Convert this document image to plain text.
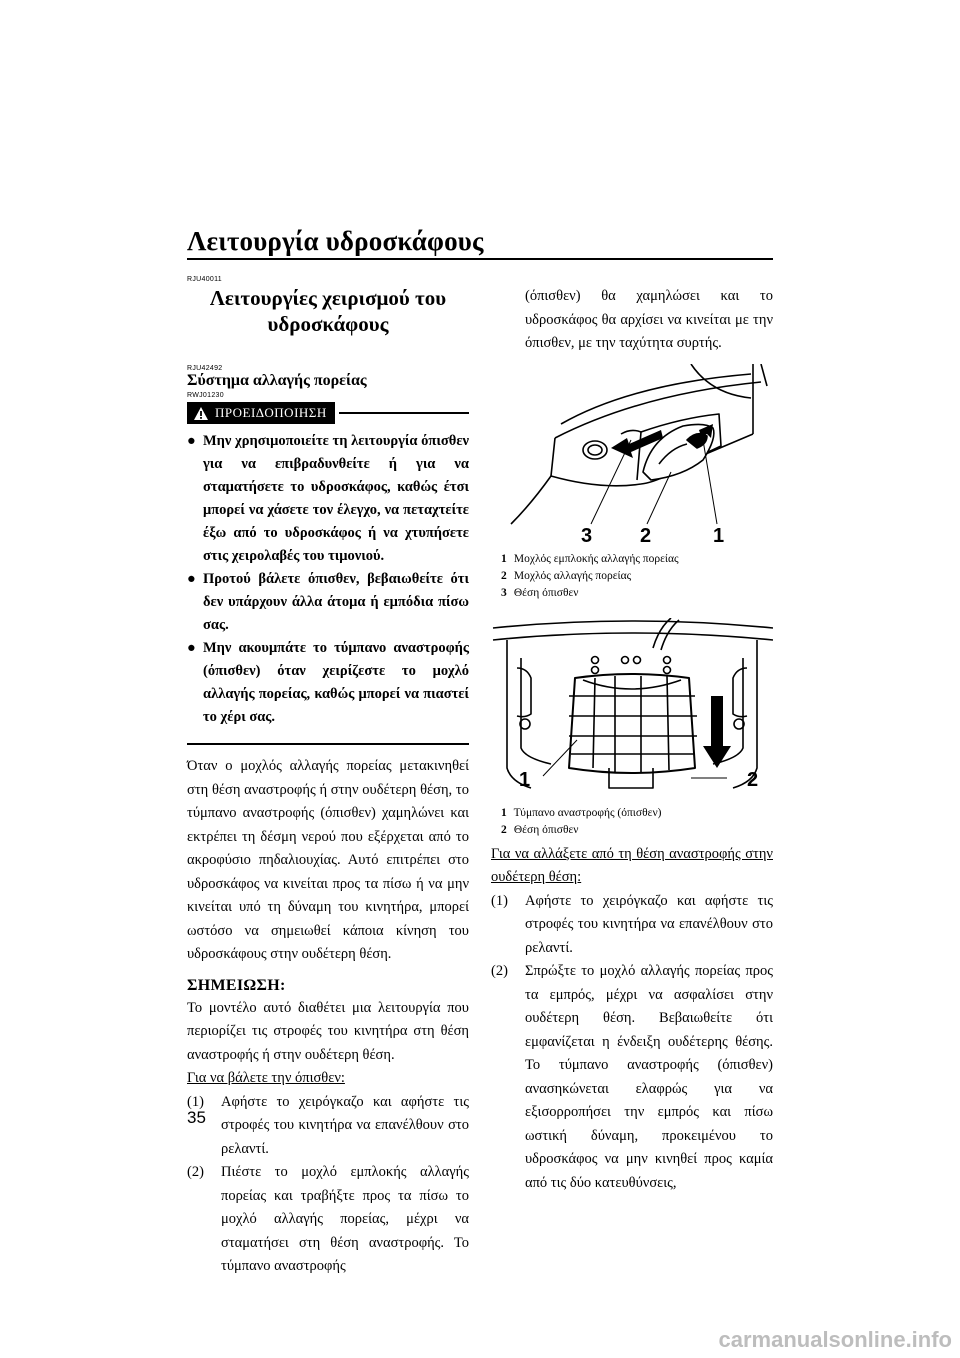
Λειτουργία υδροσκάφους
RJU40011
Λειτουργίες χειρισμού του
υδροσκάφους
RJU42492
Σύστημα αλλαγής πορείας
RWJ01230
ΠΡΟΕΙΔΟΠΟΙΗΣΗ
● Μην χρησιμοποιείτε τη λειτουργία όπισθεν για να επιβραδυνθείτε ή για να σταματήσετε το υδροσκάφος, καθώς έτσι μπορεί να χάσετε τον έλεγχο, να πεταχτείτε έξω από το υδροσκάφος ή να χτυπήσετε στις χειρολαβές του τιμονιού.
● Προτού βάλετε όπισθεν, βεβαιωθείτε ότι δεν υπάρχουν άλλα άτομα ή εμπόδια πίσω σας.
● Μην ακουμπάτε το τύμπανο αναστροφής (όπισθεν) όταν χειρίζεστε το μοχλό αλλαγής πορείας, καθώς μπορεί να πιαστεί το χέρι σας.

Όταν ο μοχλός αλλαγής πορείας μετακινηθεί στη θέση αναστροφής ή στην ουδέτερη θέση, το τύμπανο αναστροφής (όπισθεν) χαμηλώνει και εκτρέπει τη δέσμη νερού που εξέρχεται από το ακροφύσιο πηδαλιουχίας. Αυτό επιτρέπει στο υδροσκάφος να κινείται προς τα πίσω ή να μην κινείται υπό τη δύναμη του κινητήρα, μπορεί ωστόσο να σημειωθεί κάποια κίνηση του υδροσκάφους στην ουδέτερη θέση.

ΣΗΜΕΙΩΣΗ:

Το μοντέλο αυτό διαθέτει μια λειτουργία που περιορίζει τις στροφές του κινητήρα στη θέση αναστροφής ή στην ουδέτερη θέση.

Για να βάλετε την όπισθεν:

(1)	Αφήστε το χειρόγκαζο και αφήστε τις στροφές του κινητήρα να επανέλθουν στο ρελαντί.
(2)	Πιέστε το μοχλό εμπλοκής αλλαγής πορείας και τραβήξτε προς τα πίσω το μοχλό αλλαγής πορείας, μέχρι να σταματήσει στη θέση αναστροφής. Το τύμπανο αναστροφής
(όπισθεν) θα χαμηλώσει και το υδροσκάφος θα αρχίσει να κινείται με την όπισθεν, με την ταχύτητα συρτής.
3 2	1
1 Μοχλός εμπλοκής αλλαγής πορείας
2 Μοχλός αλλαγής πορείας
3 Θέση όπισθεν
1	2
1 Τύμπανο αναστροφής (όπισθεν)
2 Θέση όπισθεν

Για να αλλάξετε από τη θέση αναστροφής στην ουδέτερη θέση:

(1)	Αφήστε το χειρόγκαζο και αφήστε τις στροφές του κινητήρα να επανέλθουν στο ρελαντί.
(2)	Σπρώξτε το μοχλό αλλαγής πορείας προς τα εμπρός, μέχρι να ασφαλίσει στην ουδέτερη θέση. Βεβαιωθείτε ότι εμφανίζεται η ένδειξη ουδέτερης θέσης. Το τύμπανο αναστροφής (όπισθεν) ανασηκώνεται ελαφρώς για να εξισορροπήσει την εμπρός και πίσω ωστική δύναμη, προκειμένου το υδροσκάφος να μην κινηθεί προς καμία από τις δύο κατευθύνσεις,
35
carmanualsonline.info
